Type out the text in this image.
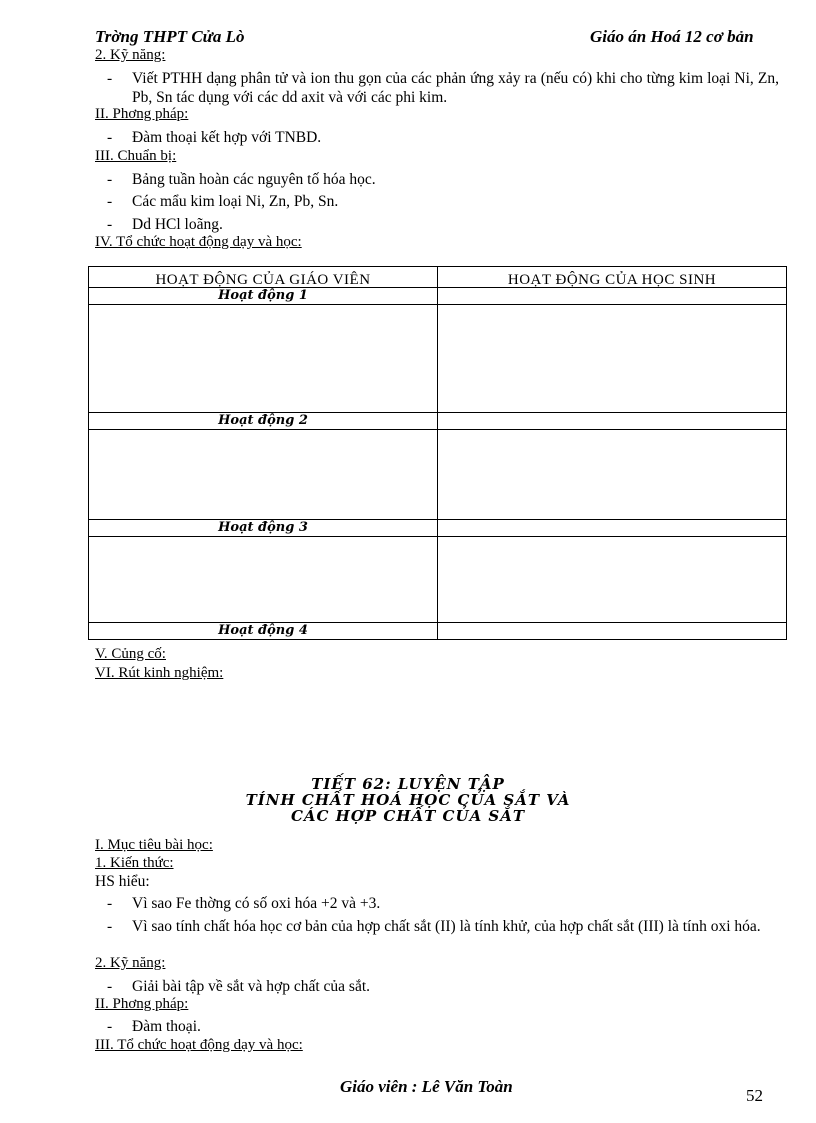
Trờng THPT Cửa Lò	Giáo án Hoá 12 cơ bản
2. Kỹ năng:
- Viết PTHH dạng phân tử và ion thu gọn của các phản ứng xảy ra (nếu có) khi cho từng kim loại Ni, Zn, Pb, Sn tác dụng với các dd axit và với các phi kim.
II. Phơng pháp:
- Đàm thoại kết hợp với TNBD.
III. Chuẩn bị:
- Bảng tuần hoàn các nguyên tố hóa học.
- Các mẩu kim loại Ni, Zn, Pb, Sn.
- Dd HCl loãng.
IV. Tổ chức hoạt động dạy và học:
HOẠT ĐỘNG CỦA GIÁO VIÊN	HOẠT ĐỘNG CỦA HỌC SINH

Hoạt động 1	

Hoạt động 2	

Hoạt động 3	

Hoạt động 4	

V. Củng cố:
VI. Rút kinh nghiệm:
TIẾT 62: LUYỆN TẬP
TÍNH CHẤT HOÁ HỌC CỦA SẮT VÀ
CÁC HỢP CHẤT CỦA SẮT
I. Mục tiêu bài học:
1. Kiến thức:
HS hiểu:
- Vì sao Fe thờng có số oxi hóa +2 và +3.
- Vì sao tính chất hóa học cơ bản của hợp chất sắt (II) là tính khử, của hợp chất sắt (III) là tính oxi hóa.
2. Kỹ năng:
- Giải bài tập về sắt và hợp chất của sắt.
II. Phơng pháp:
- Đàm thoại.
III. Tổ chức hoạt động dạy và học:
Giáo viên : Lê Văn Toàn	52
